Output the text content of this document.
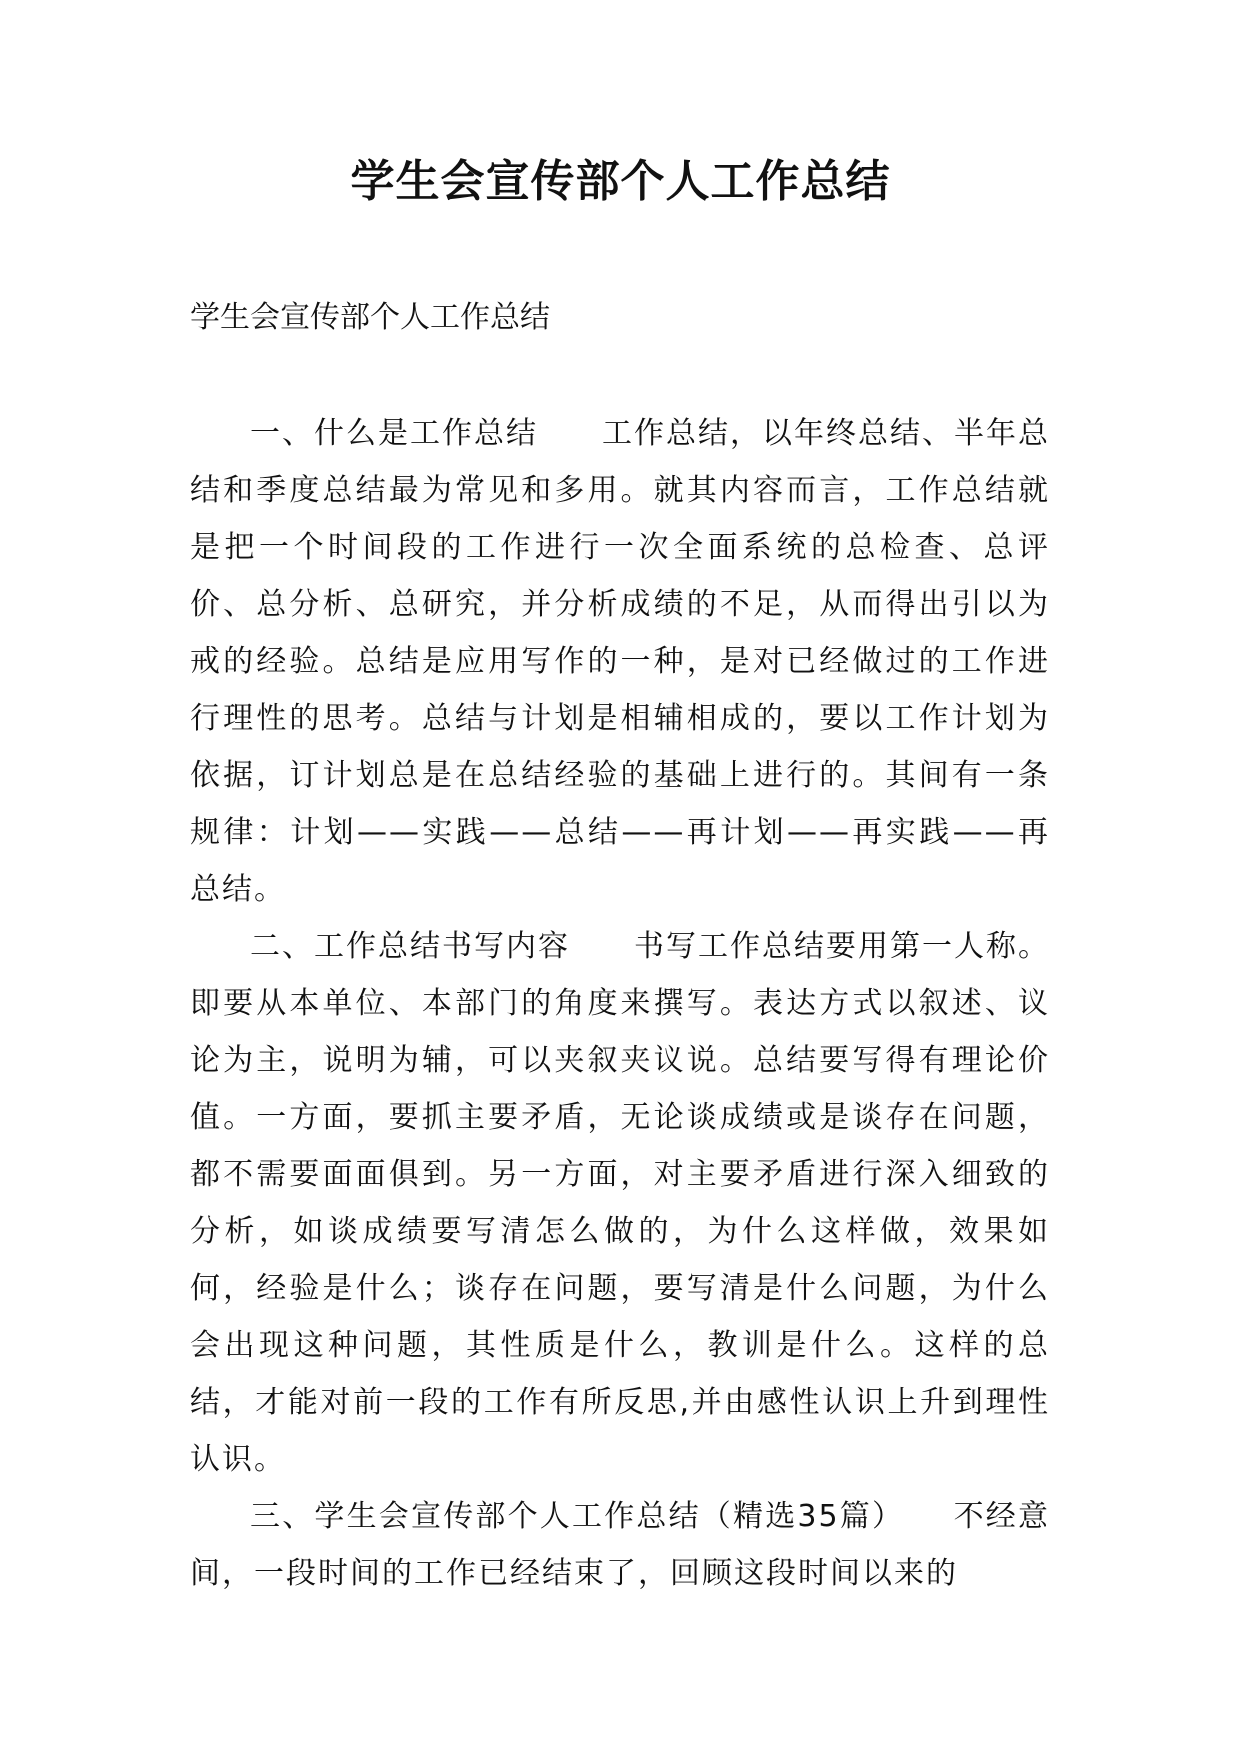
学生会宣传部个人工作总结

学生会宣传部个人工作总结

一、什么是工作总结　　工作总结，以年终总结、半年总结和季度总结最为常见和多用。就其内容而言，工作总结就是把一个时间段的工作进行一次全面系统的总检查、总评价、总分析、总研究，并分析成绩的不足，从而得出引以为戒的经验。总结是应用写作的一种，是对已经做过的工作进行理性的思考。总结与计划是相辅相成的，要以工作计划为依据，订计划总是在总结经验的基础上进行的。其间有一条规律：计划——实践——总结——再计划——再实践——再总结。

二、工作总结书写内容　　书写工作总结要用第一人称。即要从本单位、本部门的角度来撰写。表达方式以叙述、议论为主，说明为辅，可以夹叙夹议说。总结要写得有理论价值。一方面，要抓主要矛盾，无论谈成绩或是谈存在问题，都不需要面面俱到。另一方面，对主要矛盾进行深入细致的分析，如谈成绩要写清怎么做的，为什么这样做，效果如何，经验是什么；谈存在问题，要写清是什么问题，为什么会出现这种问题，其性质是什么，教训是什么。这样的总结，才能对前一段的工作有所反思,并由感性认识上升到理性认识。

三、学生会宣传部个人工作总结（精选35篇）　　不经意间，一段时间的工作已经结束了，回顾这段时间以来的
